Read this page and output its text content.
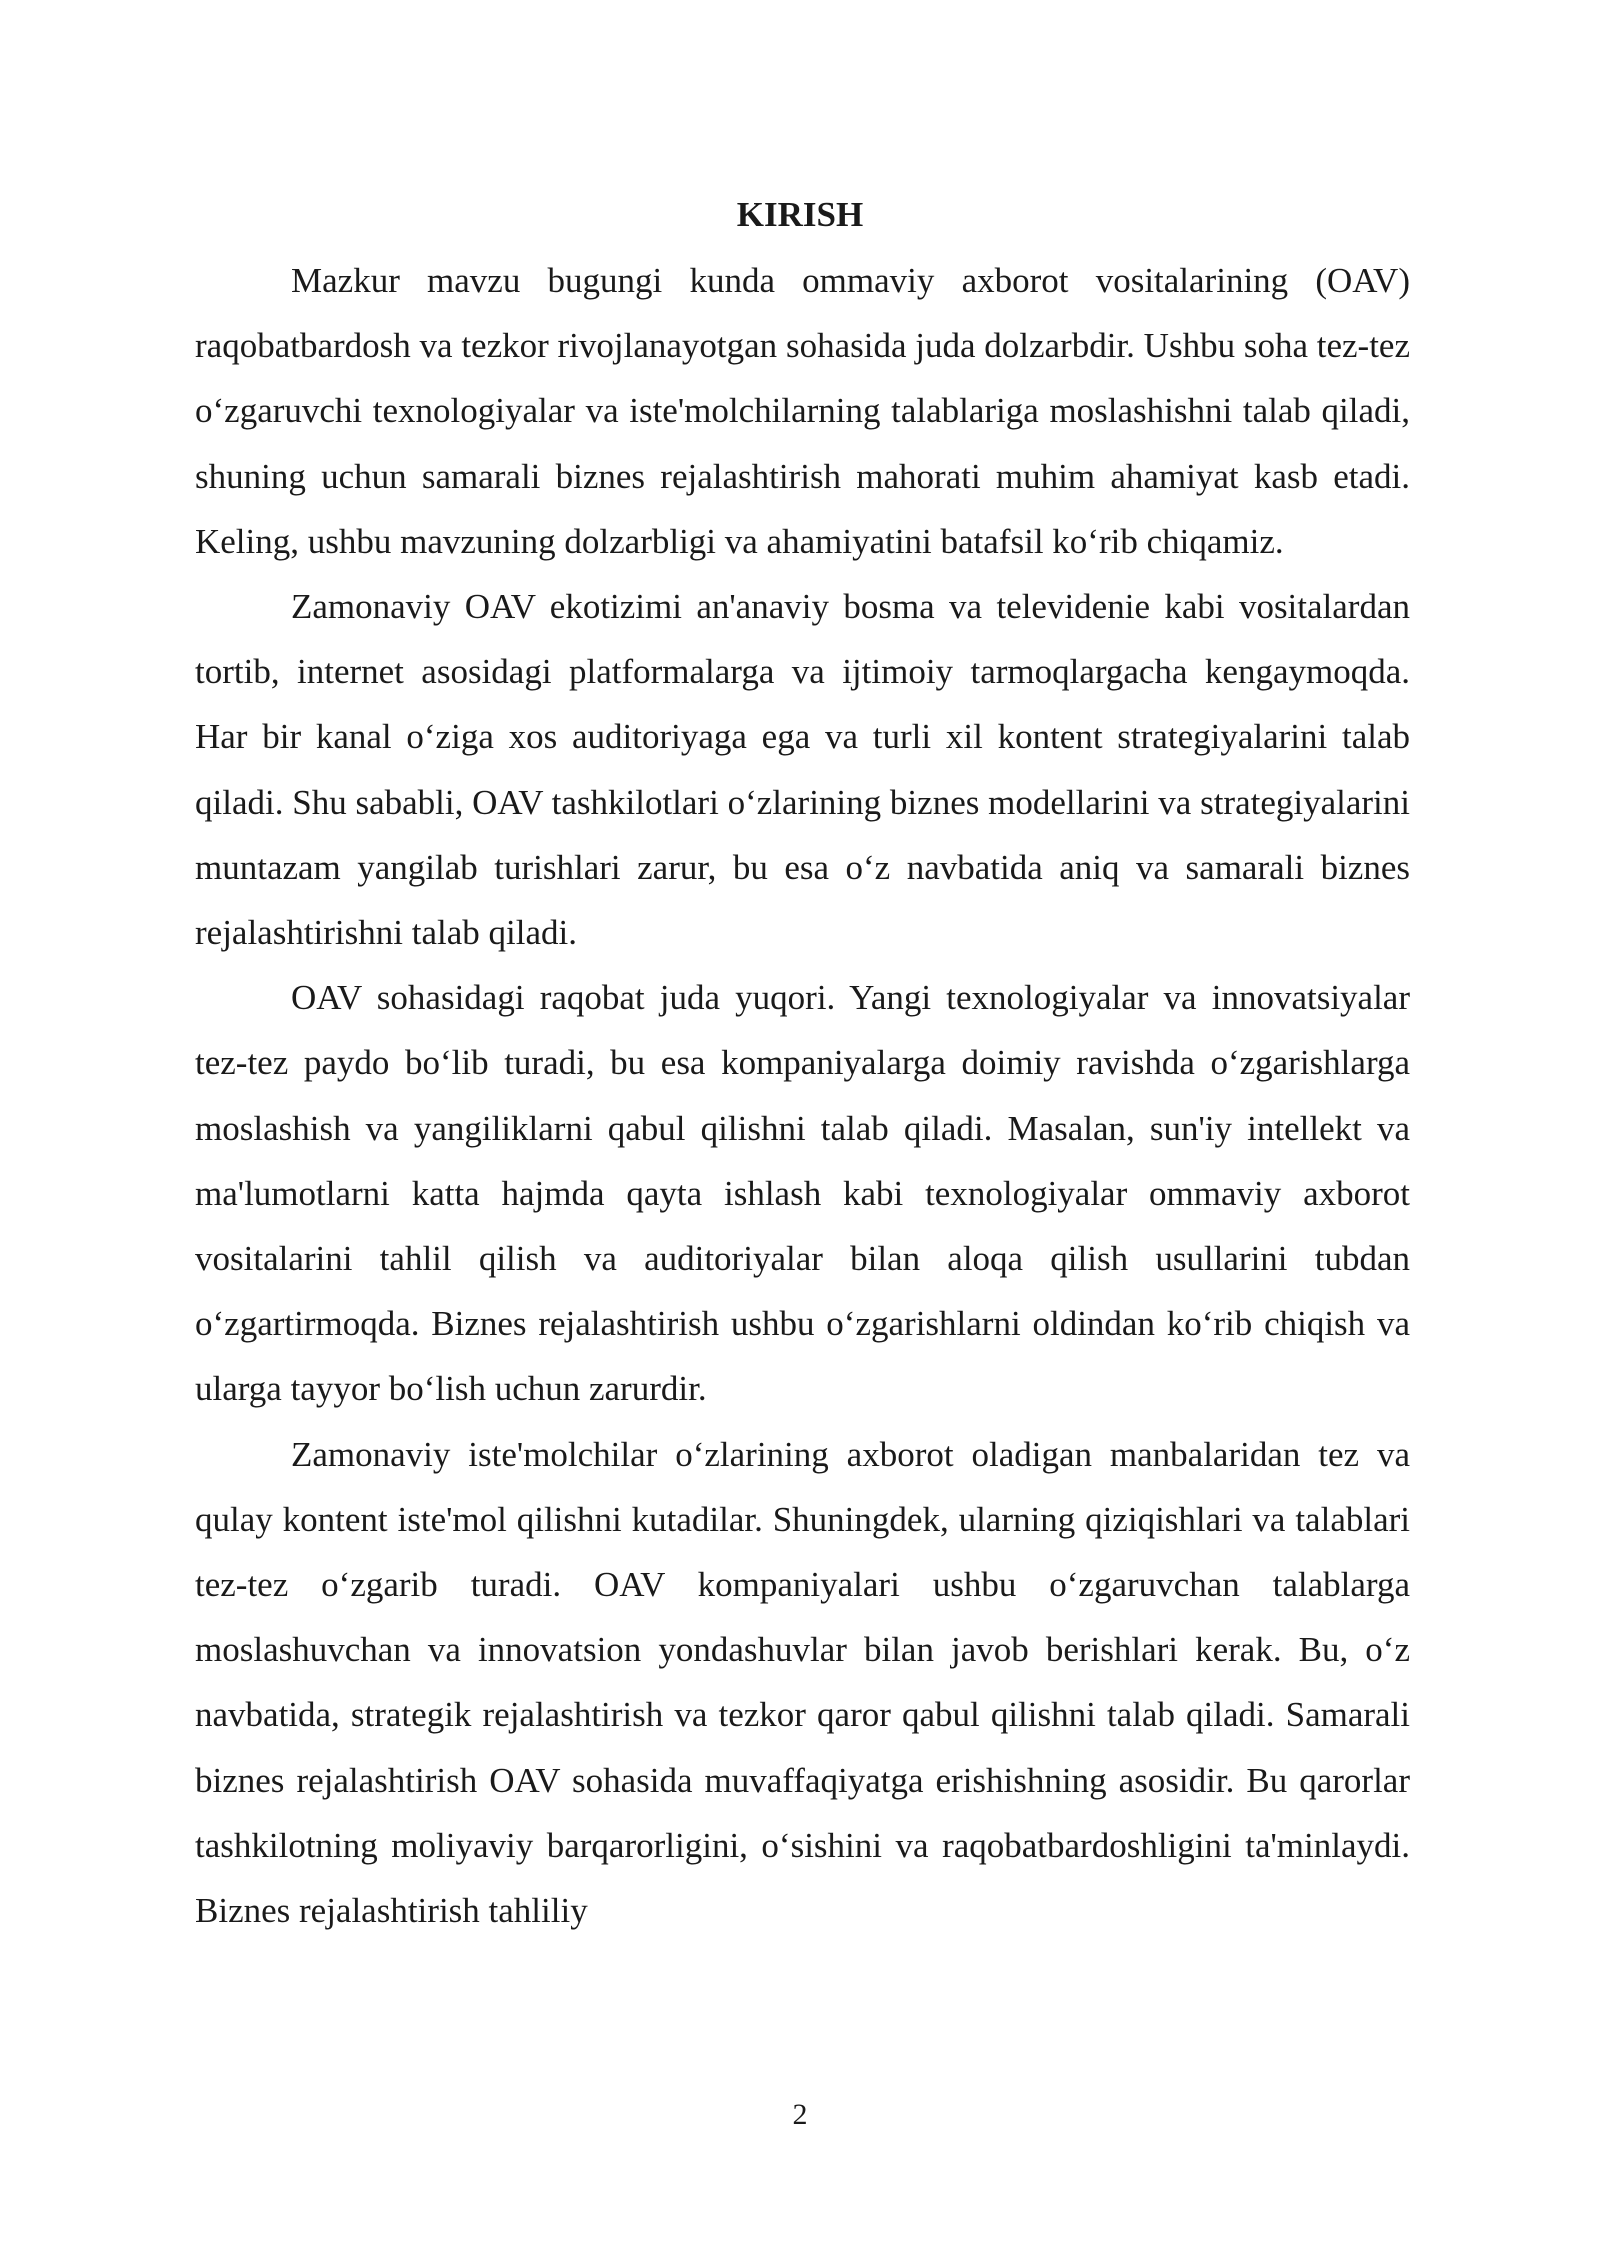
KIRISH

Mazkur mavzu bugungi kunda ommaviy axborot vositalarining (OAV) raqobatbardosh va tezkor rivojlanayotgan sohasida juda dolzarbdir. Ushbu soha tez-tez o‘zgaruvchi texnologiyalar va iste'molchilarning talablariga moslashishni talab qiladi, shuning uchun samarali biznes rejalashtirish mahorati muhim ahamiyat kasb etadi. Keling, ushbu mavzuning dolzarbligi va ahamiyatini batafsil ko‘rib chiqamiz.

Zamonaviy OAV ekotizimi an'anaviy bosma va televidenie kabi vositalardan tortib, internet asosidagi platformalarga va ijtimoiy tarmoqlargacha kengaymoqda. Har bir kanal o‘ziga xos auditoriyaga ega va turli xil kontent strategiyalarini talab qiladi. Shu sababli, OAV tashkilotlari o‘zlarining biznes modellarini va strategiyalarini muntazam yangilab turishlari zarur, bu esa o‘z navbatida aniq va samarali biznes rejalashtirishni talab qiladi.

OAV sohasidagi raqobat juda yuqori. Yangi texnologiyalar va innovatsiyalar tez-tez paydo bo‘lib turadi, bu esa kompaniyalarga doimiy ravishda o‘zgarishlarga moslashish va yangiliklarni qabul qilishni talab qiladi. Masalan, sun'iy intellekt va ma'lumotlarni katta hajmda qayta ishlash kabi texnologiyalar ommaviy axborot vositalarini tahlil qilish va auditoriyalar bilan aloqa qilish usullarini tubdan o‘zgartirmoqda. Biznes rejalashtirish ushbu o‘zgarishlarni oldindan ko‘rib chiqish va ularga tayyor bo‘lish uchun zarurdir.

Zamonaviy iste'molchilar o‘zlarining axborot oladigan manbalaridan tez va qulay kontent iste'mol qilishni kutadilar. Shuningdek, ularning qiziqishlari va talablari tez-tez o‘zgarib turadi. OAV kompaniyalari ushbu o‘zgaruvchan talablarga moslashuvchan va innovatsion yondashuvlar bilan javob berishlari kerak. Bu, o‘z navbatida, strategik rejalashtirish va tezkor qaror qabul qilishni talab qiladi. Samarali biznes rejalashtirish OAV sohasida muvaffaqiyatga erishishning asosidir. Bu qarorlar tashkilotning moliyaviy barqarorligini, o‘sishini va raqobatbardoshligini ta'minlaydi. Biznes rejalashtirish tahliliy

2
